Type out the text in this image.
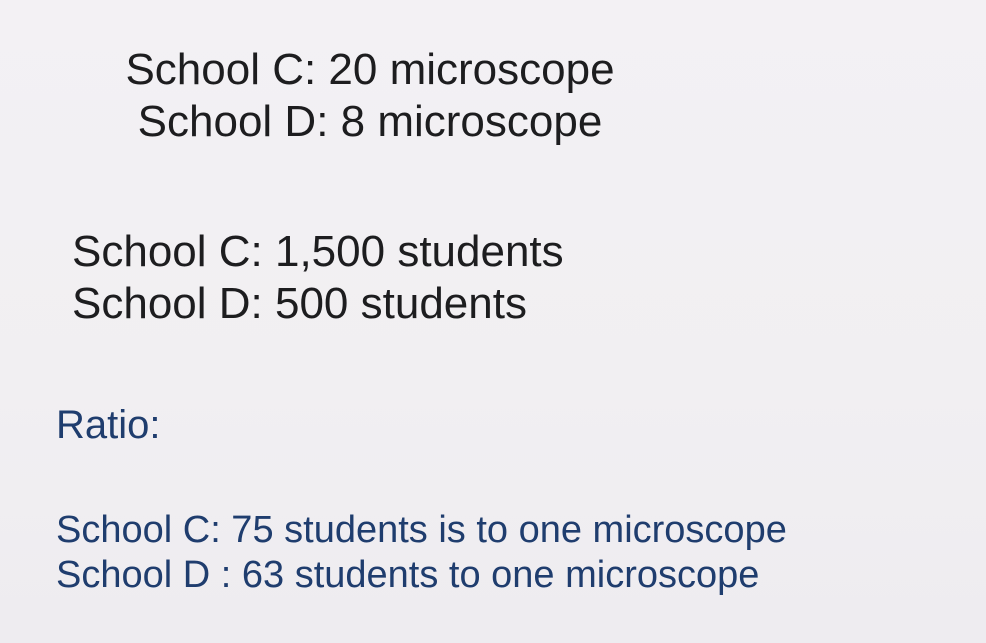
School C: 20 microscope
School D: 8 microscope
School C: 1,500 students
School D: 500 students
Ratio:
School C: 75 students is to one microscope
School D : 63 students to one microscope
